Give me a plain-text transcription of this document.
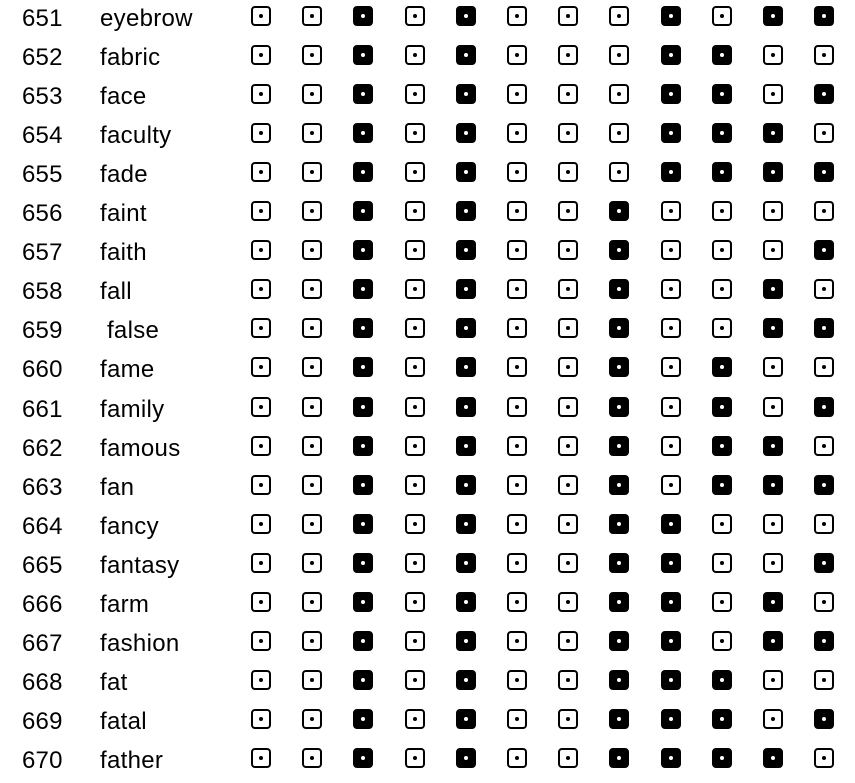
651 eyebrow
652 fabric
653 face
654 faculty
655 fade
656 faint
657 faith
658 fall
659 false
660 fame
661 family
662 famous
663 fan
664 fancy
665 fantasy
666 farm
667 fashion
668 fat
669 fatal
670 father
